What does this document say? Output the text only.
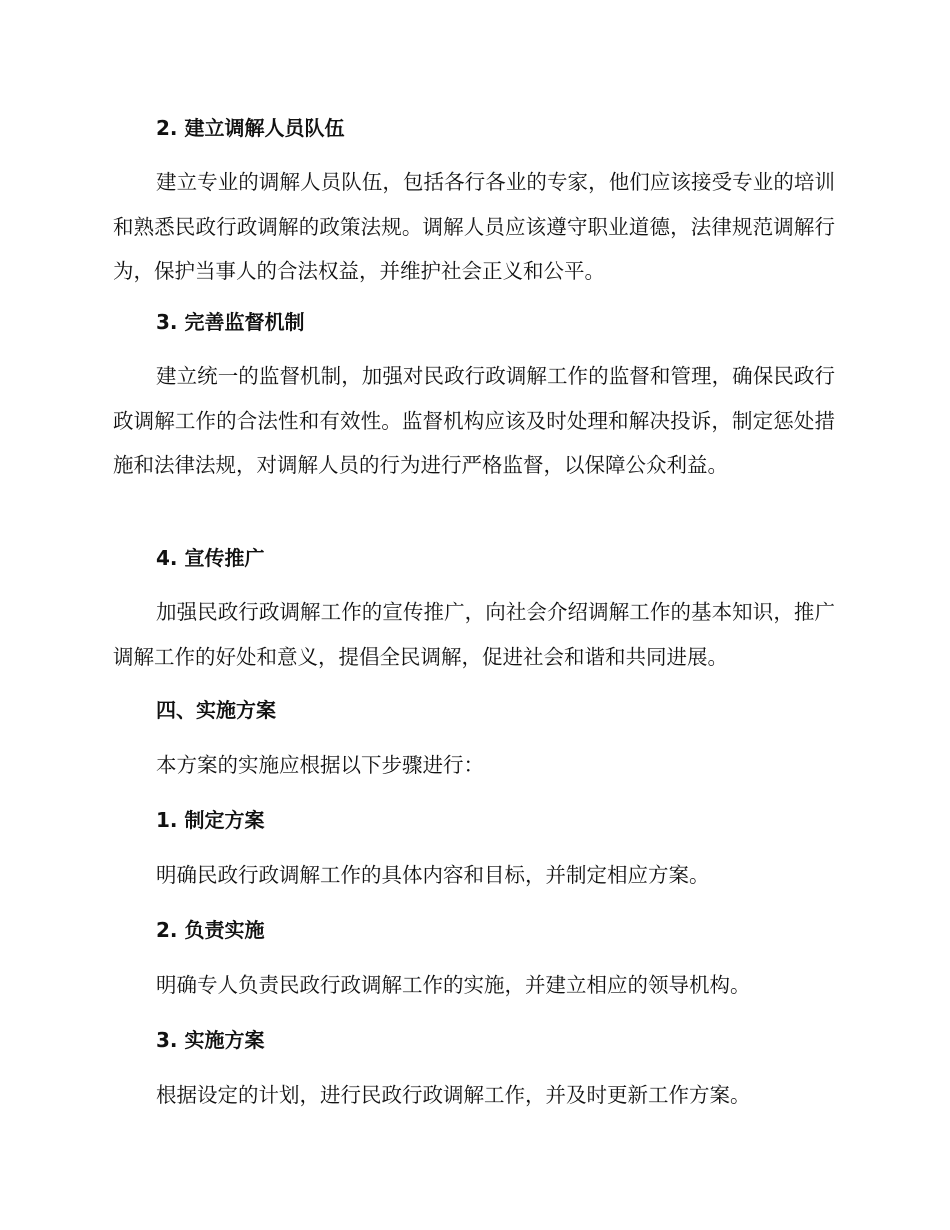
2. 建立调解人员队伍

建立专业的调解人员队伍，包括各行各业的专家，他们应该接受专业的培训和熟悉民政行政调解的政策法规。调解人员应该遵守职业道德，法律规范调解行为，保护当事人的合法权益，并维护社会正义和公平。

3. 完善监督机制

建立统一的监督机制，加强对民政行政调解工作的监督和管理，确保民政行政调解工作的合法性和有效性。监督机构应该及时处理和解决投诉，制定惩处措施和法律法规，对调解人员的行为进行严格监督，以保障公众利益。

4. 宣传推广

加强民政行政调解工作的宣传推广，向社会介绍调解工作的基本知识，推广调解工作的好处和意义，提倡全民调解，促进社会和谐和共同进展。

四、实施方案

本方案的实施应根据以下步骤进行：

1. 制定方案

明确民政行政调解工作的具体内容和目标，并制定相应方案。

2. 负责实施

明确专人负责民政行政调解工作的实施，并建立相应的领导机构。

3. 实施方案

根据设定的计划，进行民政行政调解工作，并及时更新工作方案。
